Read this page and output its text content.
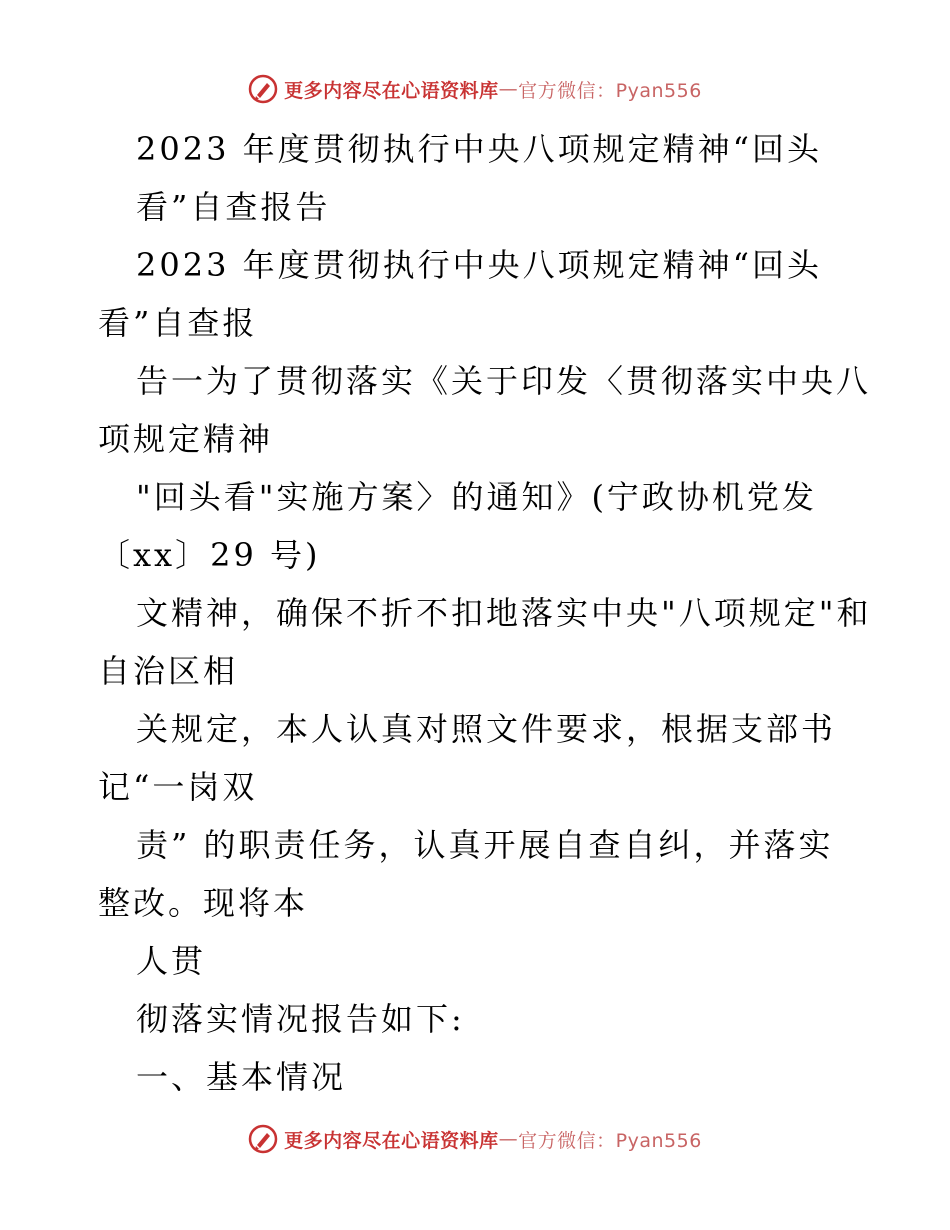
更多内容尽在心语资料库 — 官方微信：Pyan556
2023 年度贯彻执行中央八项规定精神“回头
看”自查报告
2023 年度贯彻执行中央八项规定精神“回头
看”自查报
告一为了贯彻落实《关于印发〈贯彻落实中央八
项规定精神
"回头看"实施方案〉的通知》(宁政协机党发
〔xx〕29 号)
文精神，确保不折不扣地落实中央"八项规定"和
自治区相
关规定，本人认真对照文件要求，根据支部书
记“一岗双
责” 的职责任务，认真开展自查自纠，并落实
整改。现将本
人贯
彻落实情况报告如下:
一、基本情况
更多内容尽在心语资料库 — 官方微信：Pyan556
